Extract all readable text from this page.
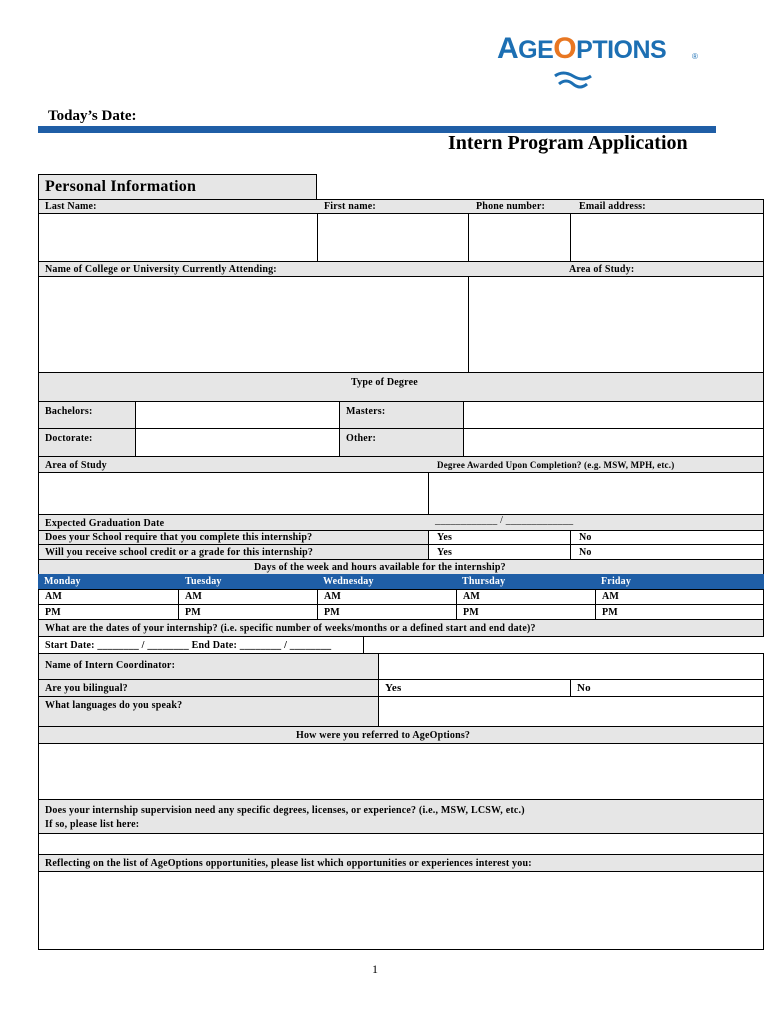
AGEOPTIONS	®
Today’s Date:
Intern Program Application
Personal Information
Last Name:	First name:	Phone number:	Email address:
Name of College or University Currently Attending:	Area of Study:
Type of Degree
Bachelors:	Masters:
Doctorate:	Other:
Area of Study	Degree Awarded Upon Completion? (e.g. MSW, MPH, etc.)
Expected Graduation Date	____________ / _____________
Does your School require that you complete this internship?	Yes	No
Will you receive school credit or a grade for this internship?	Yes	No
Days of the week and hours available for the internship?
Monday	Tuesday	Wednesday	Thursday	Friday
AM	AM	AM	AM	AM
PM	PM	PM	PM	PM
What are the dates of your internship? (i.e. specific number of weeks/months or a defined start and end date)?
Start Date: ________ / ________ End Date: ________ / ________
Name of Intern Coordinator:
Are you bilingual?	Yes	No
What languages do you speak?
How were you referred to AgeOptions?
Does your internship supervision need any specific degrees, licenses, or experience? (i.e., MSW, LCSW, etc.)
If so, please list here:
Reflecting on the list of AgeOptions opportunities, please list which opportunities or experiences interest you:
1
